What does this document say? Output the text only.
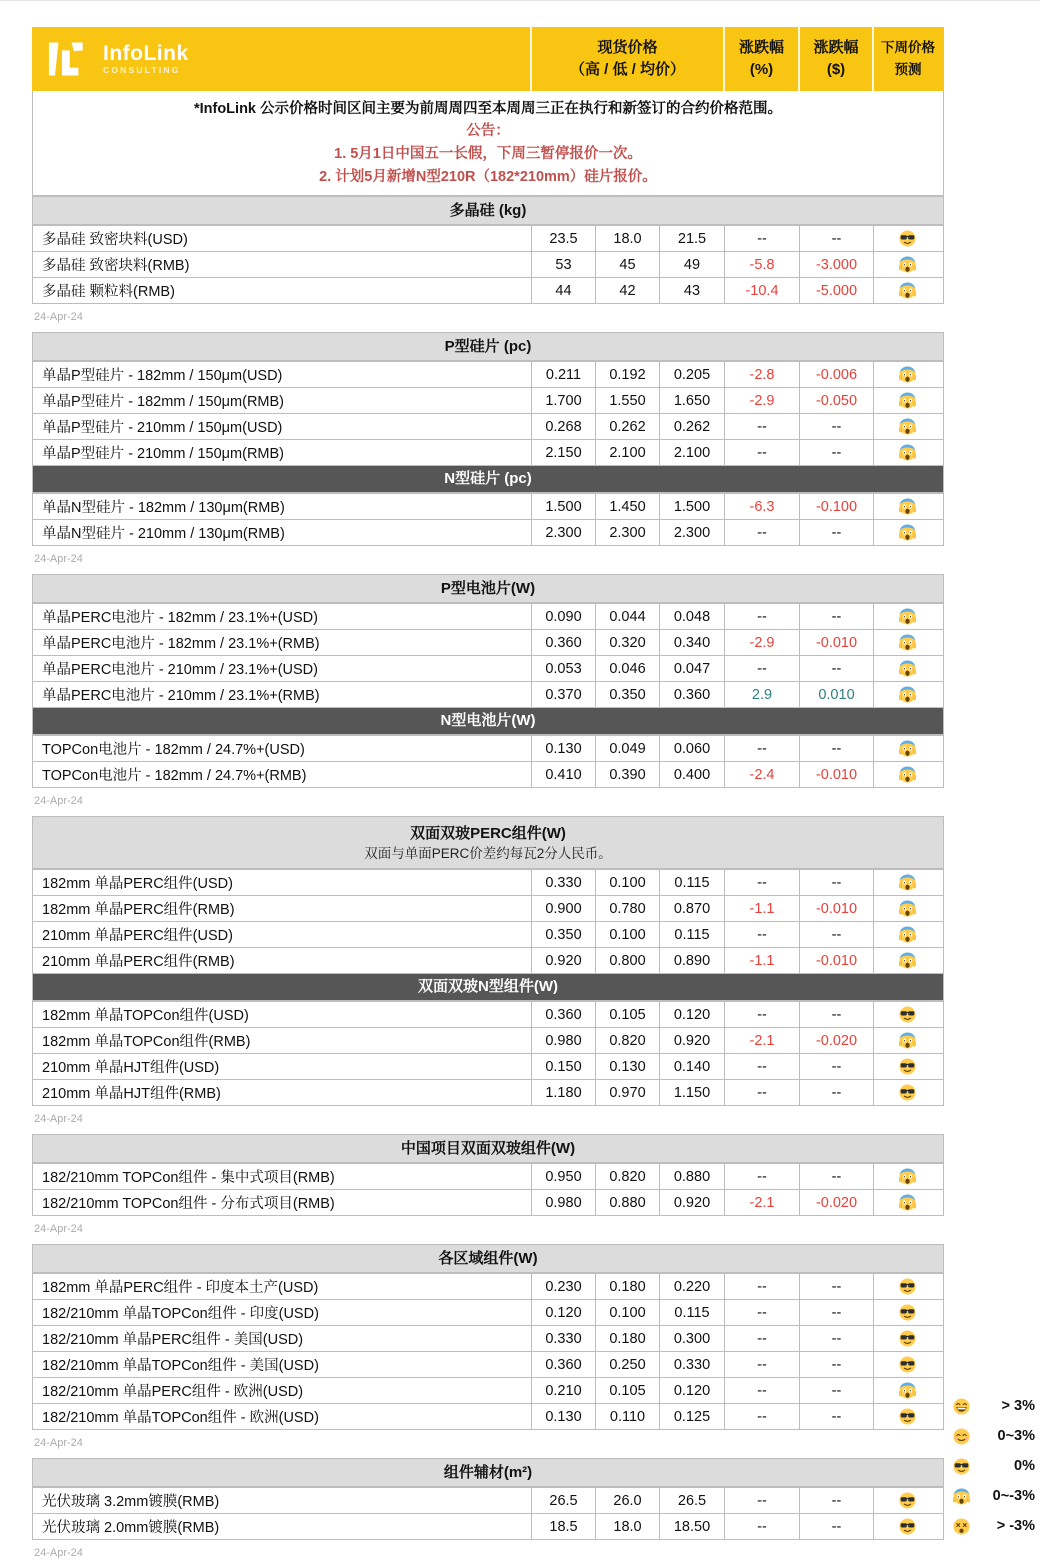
InfoLink
CONSULTING
现货价格
（高 / 低 / 均价）
涨跌幅
(%)
涨跌幅
($)
下周价格
预测
*InfoLink 公示价格时间区间主要为前周周四至本周周三正在执行和新签订的合约价格范围。
公告：
1. 5月1日中国五一长假，下周三暂停报价一次。
2. 计划5月新增N型210R（182*210mm）硅片报价。
多晶硅 (kg)
多晶硅 致密块料(USD)	23.5	18.0	21.5	--	--
多晶硅 致密块料(RMB)	53	45	49	-5.8	-3.000
多晶硅 颗粒料(RMB)	44	42	43	-10.4	-5.000
24-Apr-24
P型硅片 (pc)
单晶P型硅片 - 182mm / 150μm(USD)	0.211	0.192	0.205	-2.8	-0.006
单晶P型硅片 - 182mm / 150μm(RMB)	1.700	1.550	1.650	-2.9	-0.050
单晶P型硅片 - 210mm / 150μm(USD)	0.268	0.262	0.262	--	--
单晶P型硅片 - 210mm / 150μm(RMB)	2.150	2.100	2.100	--	--
N型硅片 (pc)
单晶N型硅片 - 182mm / 130μm(RMB)	1.500	1.450	1.500	-6.3	-0.100
单晶N型硅片 - 210mm / 130μm(RMB)	2.300	2.300	2.300	--	--
24-Apr-24
P型电池片(W)
单晶PERC电池片 - 182mm / 23.1%+(USD)	0.090	0.044	0.048	--	--
单晶PERC电池片 - 182mm / 23.1%+(RMB)	0.360	0.320	0.340	-2.9	-0.010
单晶PERC电池片 - 210mm / 23.1%+(USD)	0.053	0.046	0.047	--	--
单晶PERC电池片 - 210mm / 23.1%+(RMB)	0.370	0.350	0.360	2.9	0.010
N型电池片(W)
TOPCon电池片 - 182mm / 24.7%+(USD)	0.130	0.049	0.060	--	--
TOPCon电池片 - 182mm / 24.7%+(RMB)	0.410	0.390	0.400	-2.4	-0.010
24-Apr-24
双面双玻PERC组件(W)
双面与单面PERC价差约每瓦2分人民币。
182mm 单晶PERC组件(USD)	0.330	0.100	0.115	--	--
182mm 单晶PERC组件(RMB)	0.900	0.780	0.870	-1.1	-0.010
210mm 单晶PERC组件(USD)	0.350	0.100	0.115	--	--
210mm 单晶PERC组件(RMB)	0.920	0.800	0.890	-1.1	-0.010
双面双玻N型组件(W)
182mm 单晶TOPCon组件(USD)	0.360	0.105	0.120	--	--
182mm 单晶TOPCon组件(RMB)	0.980	0.820	0.920	-2.1	-0.020
210mm 单晶HJT组件(USD)	0.150	0.130	0.140	--	--
210mm 单晶HJT组件(RMB)	1.180	0.970	1.150	--	--
24-Apr-24
中国项目双面双玻组件(W)
182/210mm TOPCon组件 - 集中式项目(RMB)	0.950	0.820	0.880	--	--
182/210mm TOPCon组件 - 分布式项目(RMB)	0.980	0.880	0.920	-2.1	-0.020
24-Apr-24
各区域组件(W)
182mm 单晶PERC组件 - 印度本土产(USD)	0.230	0.180	0.220	--	--
182/210mm 单晶TOPCon组件 - 印度(USD)	0.120	0.100	0.115	--	--
182/210mm 单晶PERC组件 - 美国(USD)	0.330	0.180	0.300	--	--
182/210mm 单晶TOPCon组件 - 美国(USD)	0.360	0.250	0.330	--	--
182/210mm 单晶PERC组件 - 欧洲(USD)	0.210	0.105	0.120	--	--
182/210mm 单晶TOPCon组件 - 欧洲(USD)	0.130	0.110	0.125	--	--
24-Apr-24
组件辅材(m²)
光伏玻璃 3.2mm镀膜(RMB)	26.5	26.0	26.5	--	--
光伏玻璃 2.0mm镀膜(RMB)	18.5	18.0	18.50	--	--
24-Apr-24
> 3%
0~3%
0%
0~-3%
> -3%
